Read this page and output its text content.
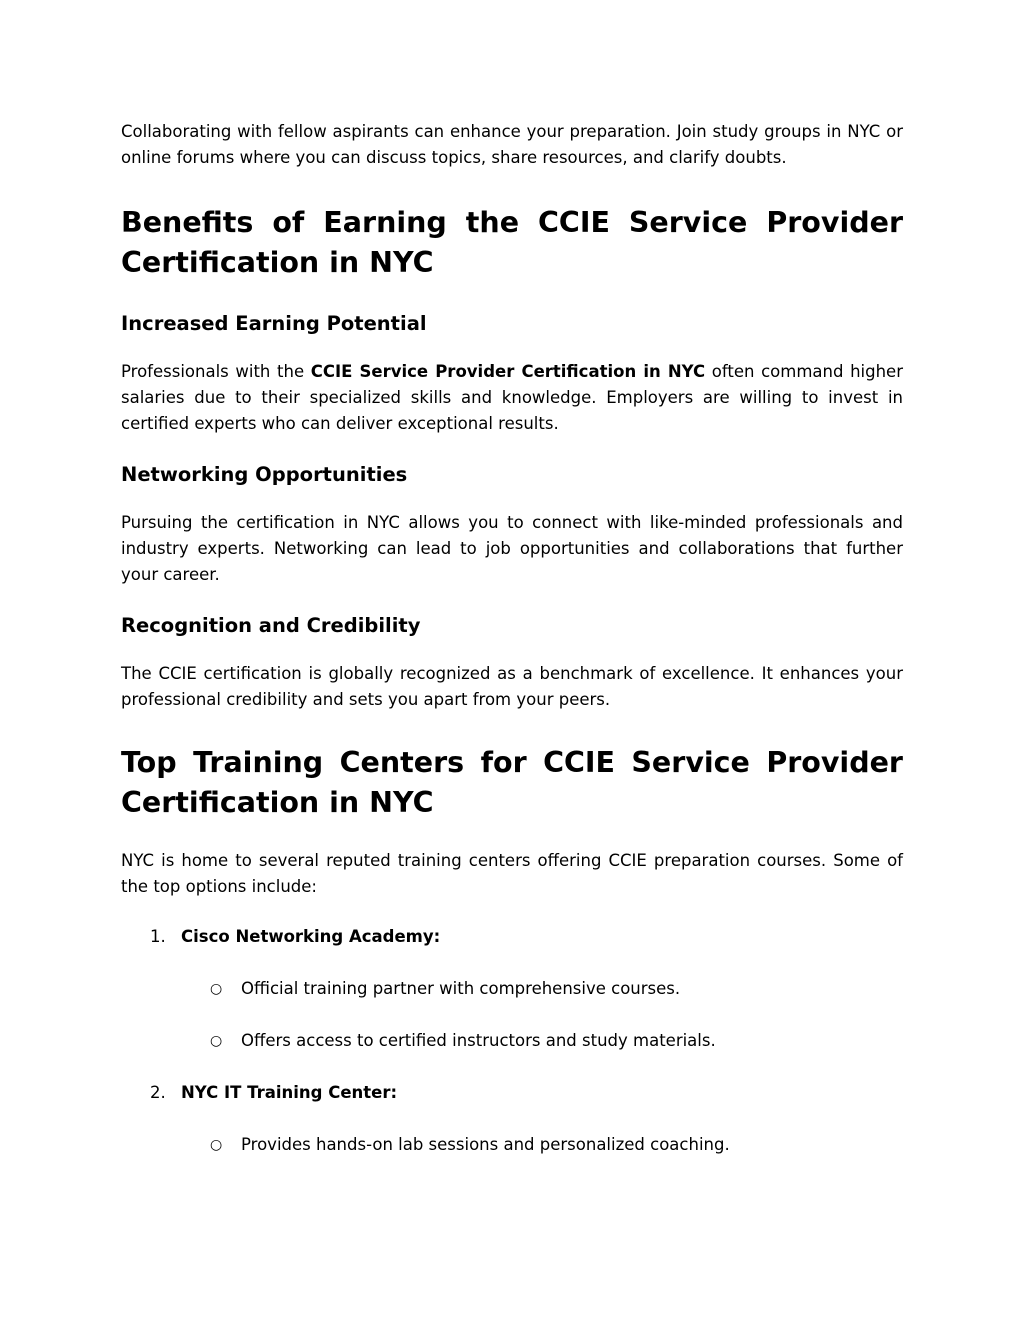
Collaborating with fellow aspirants can enhance your preparation. Join study groups in NYC or online forums where you can discuss topics, share resources, and clarify doubts.

Benefits of Earning the CCIE Service Provider Certification in NYC
Increased Earning Potential

Professionals with the CCIE Service Provider Certification in NYC often command higher salaries due to their specialized skills and knowledge. Employers are willing to invest in certified experts who can deliver exceptional results.

Networking Opportunities

Pursuing the certification in NYC allows you to connect with like-minded professionals and industry experts. Networking can lead to job opportunities and collaborations that further your career.

Recognition and Credibility

The CCIE certification is globally recognized as a benchmark of excellence. It enhances your professional credibility and sets you apart from your peers.

Top Training Centers for CCIE Service Provider Certification in NYC

NYC is home to several reputed training centers offering CCIE preparation courses. Some of the top options include:

1. Cisco Networking Academy:
○ Official training partner with comprehensive courses.
○ Offers access to certified instructors and study materials.
2. NYC IT Training Center:
○ Provides hands-on lab sessions and personalized coaching.
